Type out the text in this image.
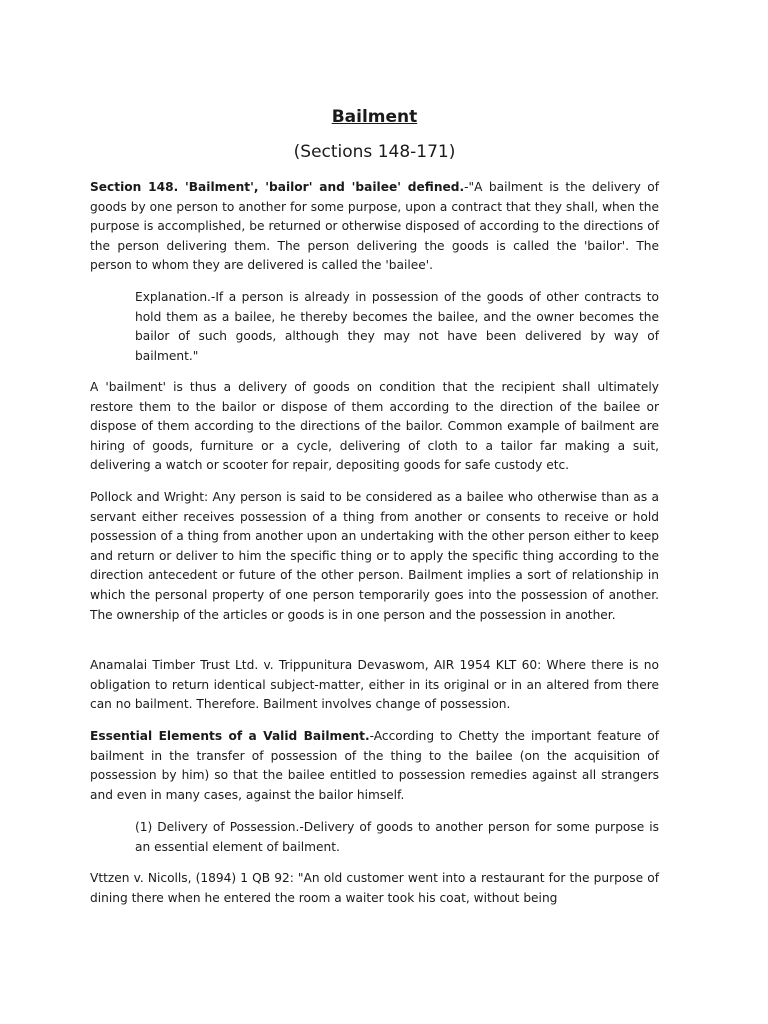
Bailment
(Sections 148-171)

Section 148. 'Bailment', 'bailor' and 'bailee' defined.-"A bailment is the delivery of goods by one person to another for some purpose, upon a contract that they shall, when the purpose is accomplished, be returned or otherwise disposed of according to the directions of the person delivering them. The person delivering the goods is called the 'bailor'. The person to whom they are delivered is called the 'bailee'.

Explanation.-If a person is already in possession of the goods of other contracts to hold them as a bailee, he thereby becomes the bailee, and the owner becomes the bailor of such goods, although they may not have been delivered by way of bailment."

A 'bailment' is thus a delivery of goods on condition that the recipient shall ultimately restore them to the bailor or dispose of them according to the direction of the bailee or dispose of them according to the directions of the bailor. Common example of bailment are hiring of goods, furniture or a cycle, delivering of cloth to a tailor far making a suit, delivering a watch or scooter for repair, depositing goods for safe custody etc.

Pollock and Wright: Any person is said to be considered as a bailee who otherwise than as a servant either receives possession of a thing from another or consents to receive or hold possession of a thing from another upon an undertaking with the other person either to keep and return or deliver to him the specific thing or to apply the specific thing according to the direction antecedent or future of the other person. Bailment implies a sort of relationship in which the personal property of one person temporarily goes into the possession of another. The ownership of the articles or goods is in one person and the possession in another.

Anamalai Timber Trust Ltd. v. Trippunitura Devaswom, AIR 1954 KLT 60: Where there is no obligation to return identical subject-matter, either in its original or in an altered from there can no bailment. Therefore. Bailment involves change of possession.

Essential Elements of a Valid Bailment.-According to Chetty the important feature of bailment in the transfer of possession of the thing to the bailee (on the acquisition of possession by him) so that the bailee entitled to possession remedies against all strangers and even in many cases, against the bailor himself.

(1) Delivery of Possession.-Delivery of goods to another person for some purpose is an essential element of bailment.

Vttzen v. Nicolls, (1894) 1 QB 92: "An old customer went into a restaurant for the purpose of dining there when he entered the room a waiter took his coat, without being
